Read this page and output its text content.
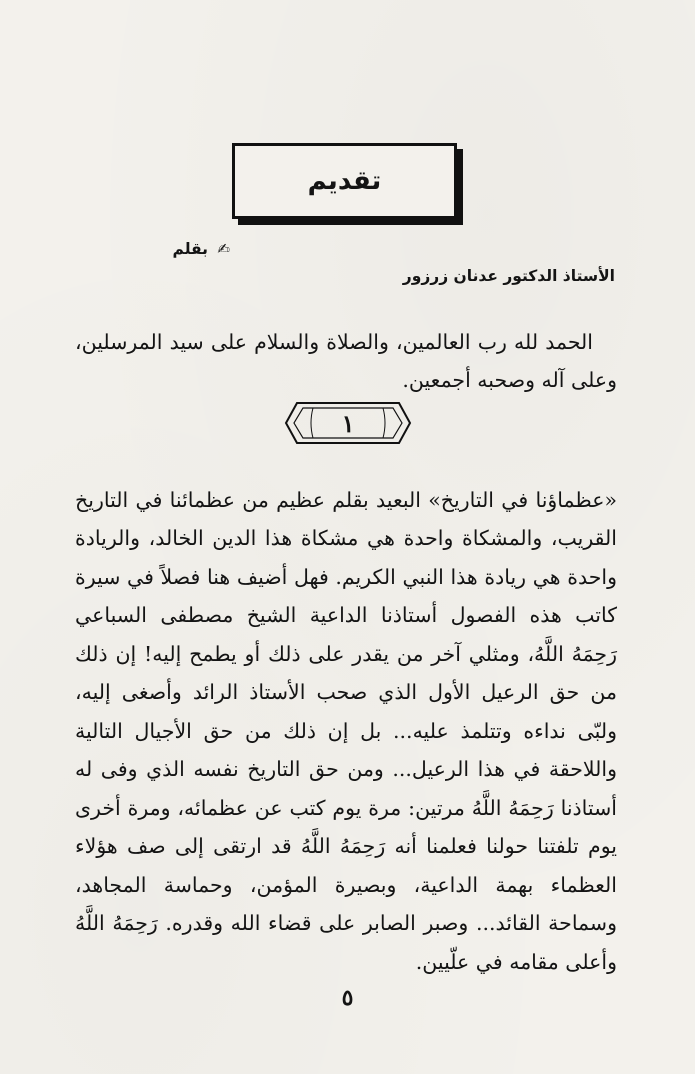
تقديم
✍ بقلم
الأستاذ الدكتور عدنان زرزور

الحمد لله رب العالمين، والصلاة والسلام على سيد المرسلين، وعلى آله وصحبه أجمعين.

١

«عظماؤنا في التاريخ» البعيد بقلم عظيم من عظمائنا في التاريخ القريب، والمشكاة واحدة هي مشكاة هذا الدين الخالد، والريادة واحدة هي ريادة هذا النبي الكريم. فهل أضيف هنا فصلاً في سيرة كاتب هذه الفصول أستاذنا الداعية الشيخ مصطفى السباعي رَحِمَهُ اللَّهُ، ومثلي آخر من يقدر على ذلك أو يطمح إليه! إن ذلك من حق الرعيل الأول الذي صحب الأستاذ الرائد وأصغى إليه، ولبّى نداءه وتتلمذ عليه... بل إن ذلك من حق الأجيال التالية واللاحقة في هذا الرعيل... ومن حق التاريخ نفسه الذي وفى له أستاذنا رَحِمَهُ اللَّهُ مرتين: مرة يوم كتب عن عظمائه، ومرة أخرى يوم تلفتنا حولنا فعلمنا أنه رَحِمَهُ اللَّهُ قد ارتقى إلى صف هؤلاء العظماء بهمة الداعية، وبصيرة المؤمن، وحماسة المجاهد، وسماحة القائد... وصبر الصابر على قضاء الله وقدره. رَحِمَهُ اللَّهُ وأعلى مقامه في علّيين.

٥
